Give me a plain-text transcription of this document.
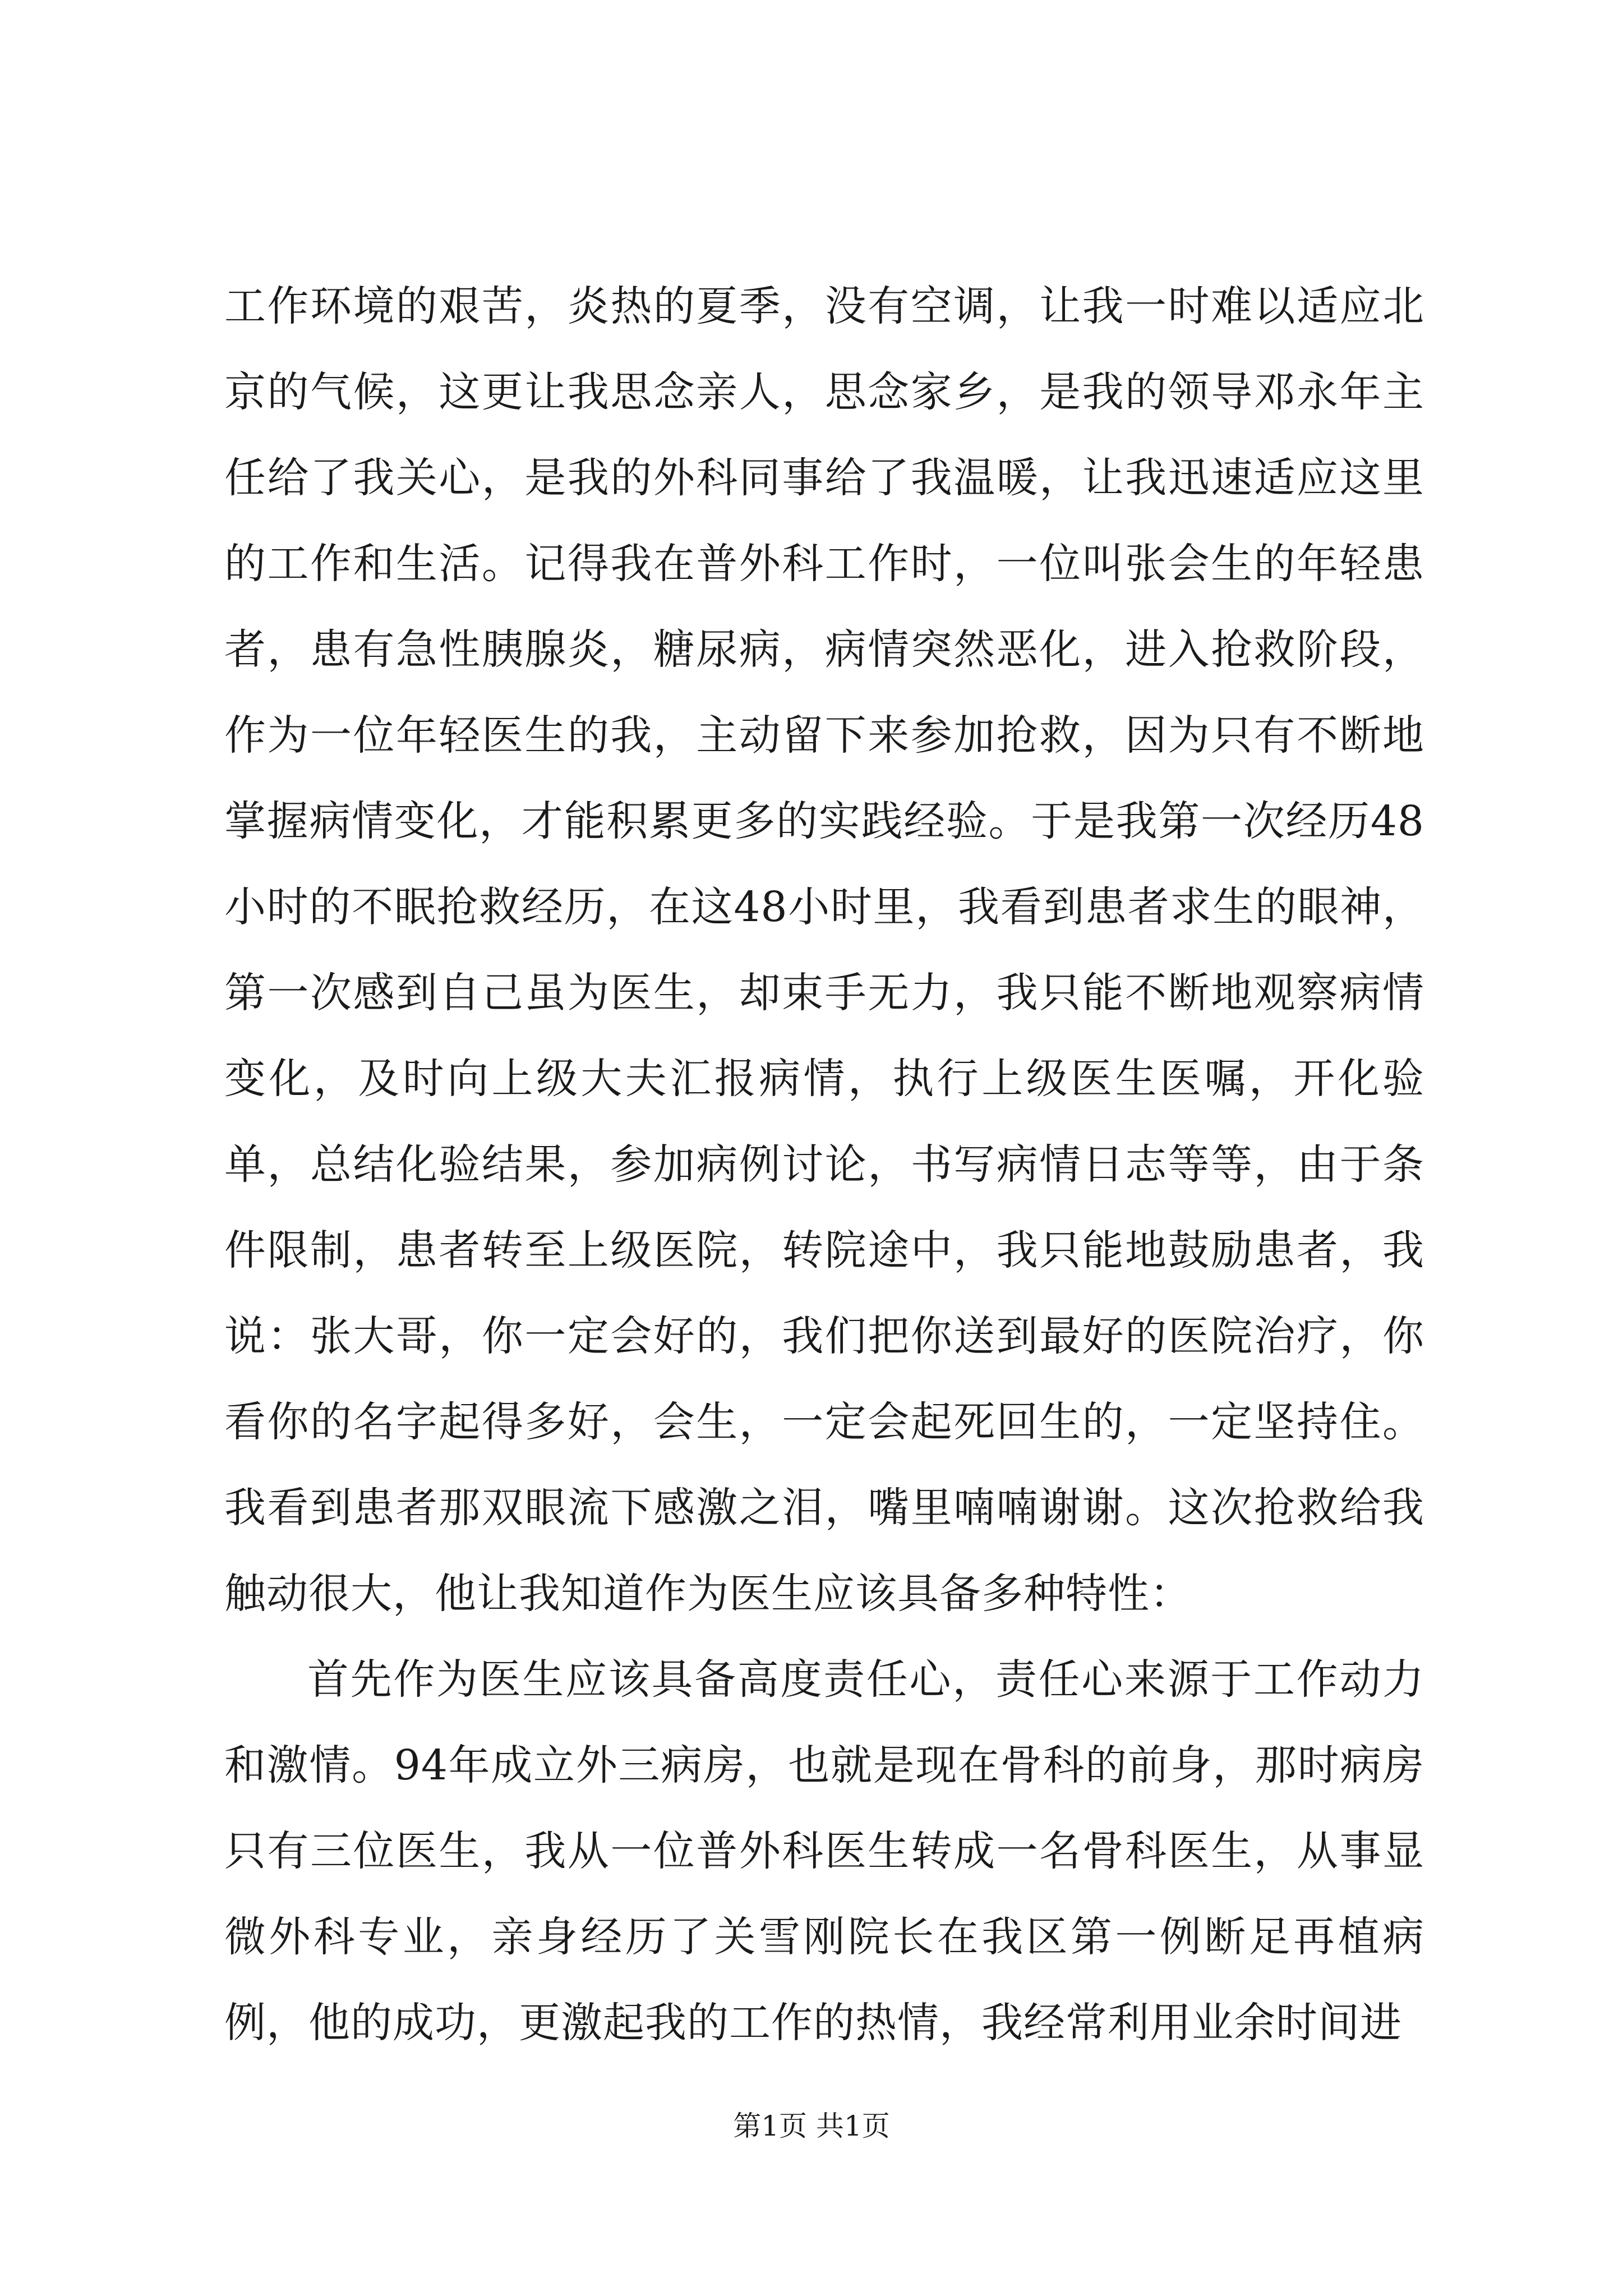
工作环境的艰苦，炎热的夏季，没有空调，让我一时难以适应北京的气候，这更让我思念亲人，思念家乡，是我的领导邓永年主任给了我关心，是我的外科同事给了我温暖，让我迅速适应这里的工作和生活。记得我在普外科工作时，一位叫张会生的年轻患者，患有急性胰腺炎，糖尿病，病情突然恶化，进入抢救阶段，作为一位年轻医生的我，主动留下来参加抢救，因为只有不断地掌握病情变化，才能积累更多的实践经验。于是我第一次经历48小时的不眠抢救经历，在这48小时里，我看到患者求生的眼神，第一次感到自己虽为医生，却束手无力，我只能不断地观察病情变化，及时向上级大夫汇报病情，执行上级医生医嘱，开化验单，总结化验结果，参加病例讨论，书写病情日志等等，由于条件限制，患者转至上级医院，转院途中，我只能地鼓励患者，我说：张大哥，你一定会好的，我们把你送到最好的医院治疗，你看你的名字起得多好，会生，一定会起死回生的，一定坚持住。我看到患者那双眼流下感激之泪，嘴里喃喃谢谢。这次抢救给我触动很大，他让我知道作为医生应该具备多种特性：

首先作为医生应该具备高度责任心，责任心来源于工作动力和激情。94年成立外三病房，也就是现在骨科的前身，那时病房只有三位医生，我从一位普外科医生转成一名骨科医生，从事显微外科专业，亲身经历了关雪刚院长在我区第一例断足再植病例，他的成功，更激起我的工作的热情，我经常利用业余时间进

第1页 共1页
